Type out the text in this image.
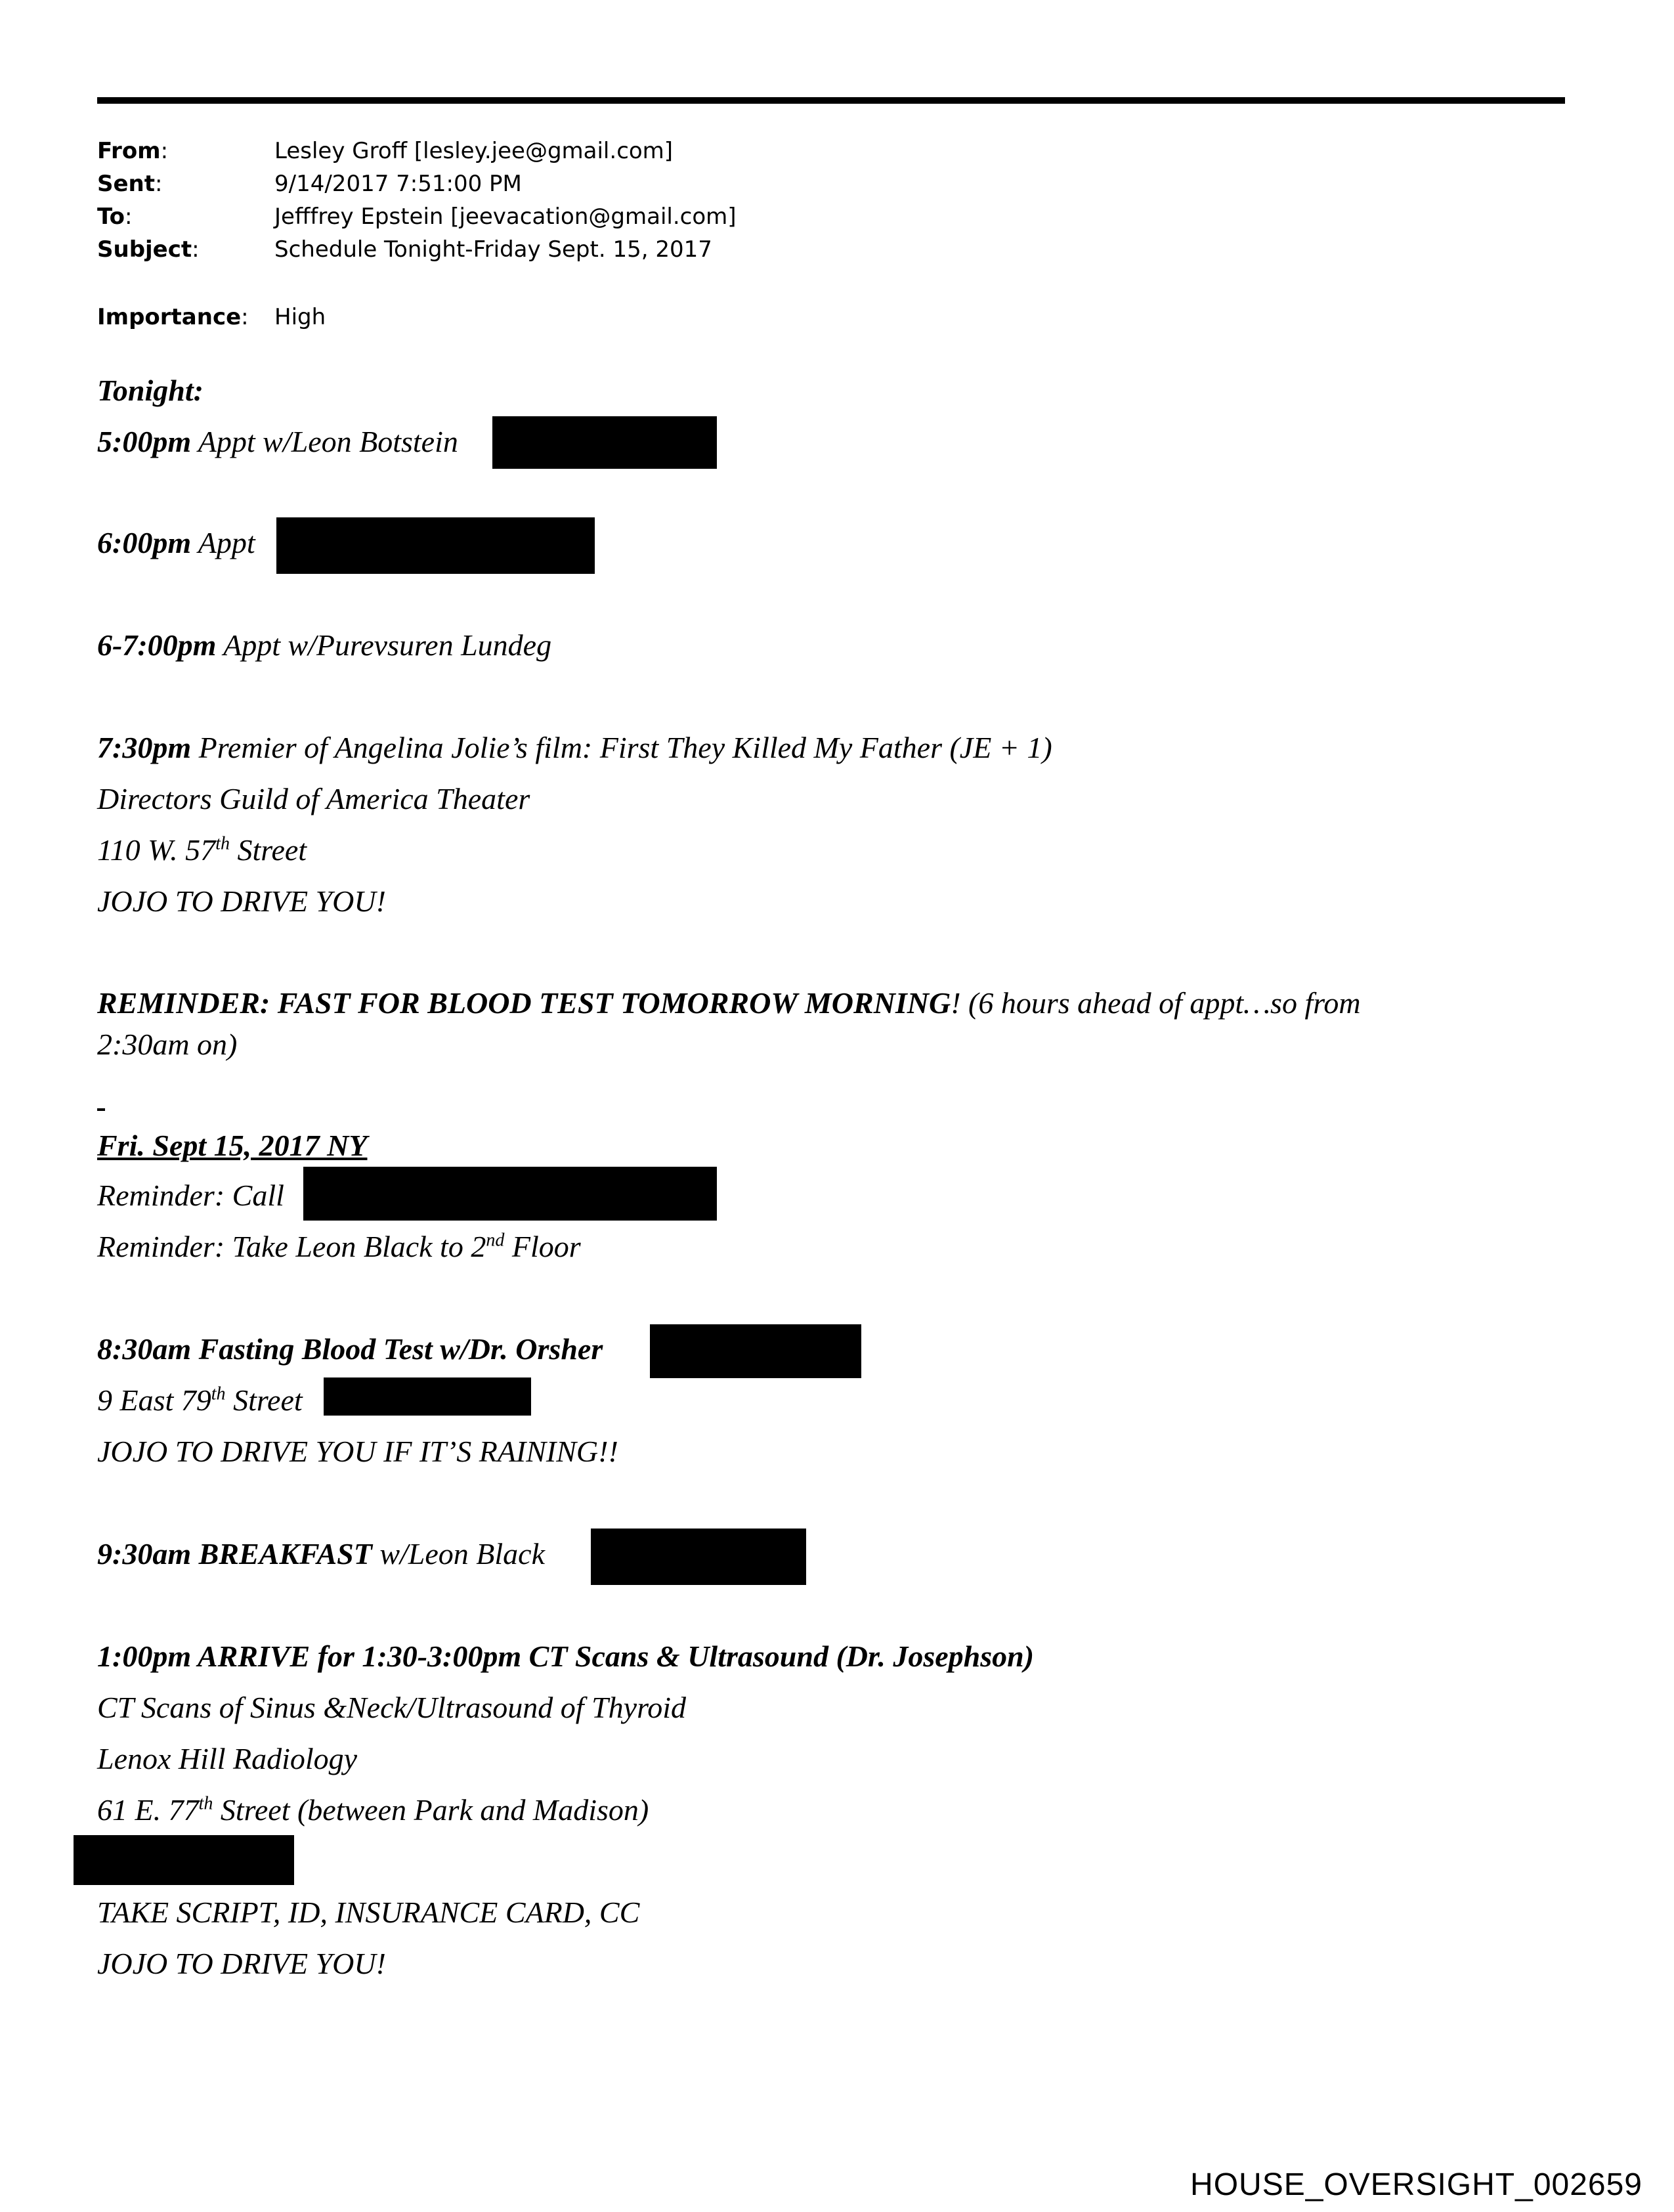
From:	Lesley Groff [lesley.jee@gmail.com]
Sent:	9/14/2017 7:51:00 PM
To:	Jefffrey Epstein [jeevacation@gmail.com]
Subject:	Schedule Tonight-Friday Sept. 15, 2017
Importance: High
Tonight:
5:00pm Appt w/Leon Botstein
6:00pm Appt
6-7:00pm Appt w/Purevsuren Lundeg
7:30pm Premier of Angelina Jolie’s film: First They Killed My Father (JE + 1)
Directors Guild of America Theater
110 W. 57th Street
JOJO TO DRIVE YOU!
REMINDER: FAST FOR BLOOD TEST TOMORROW MORNING! (6 hours ahead of appt…so from
2:30am on)
Fri. Sept 15, 2017 NY
Reminder: Call
Reminder: Take Leon Black to 2nd Floor
8:30am Fasting Blood Test w/Dr. Orsher
9 East 79th Street
JOJO TO DRIVE YOU IF IT’S RAINING!!
9:30am BREAKFAST w/Leon Black
1:00pm ARRIVE for 1:30-3:00pm CT Scans & Ultrasound (Dr. Josephson)
CT Scans of Sinus &Neck/Ultrasound of Thyroid
Lenox Hill Radiology
61 E. 77th Street (between Park and Madison)
TAKE SCRIPT, ID, INSURANCE CARD, CC
JOJO TO DRIVE YOU!
HOUSE_OVERSIGHT_002659
